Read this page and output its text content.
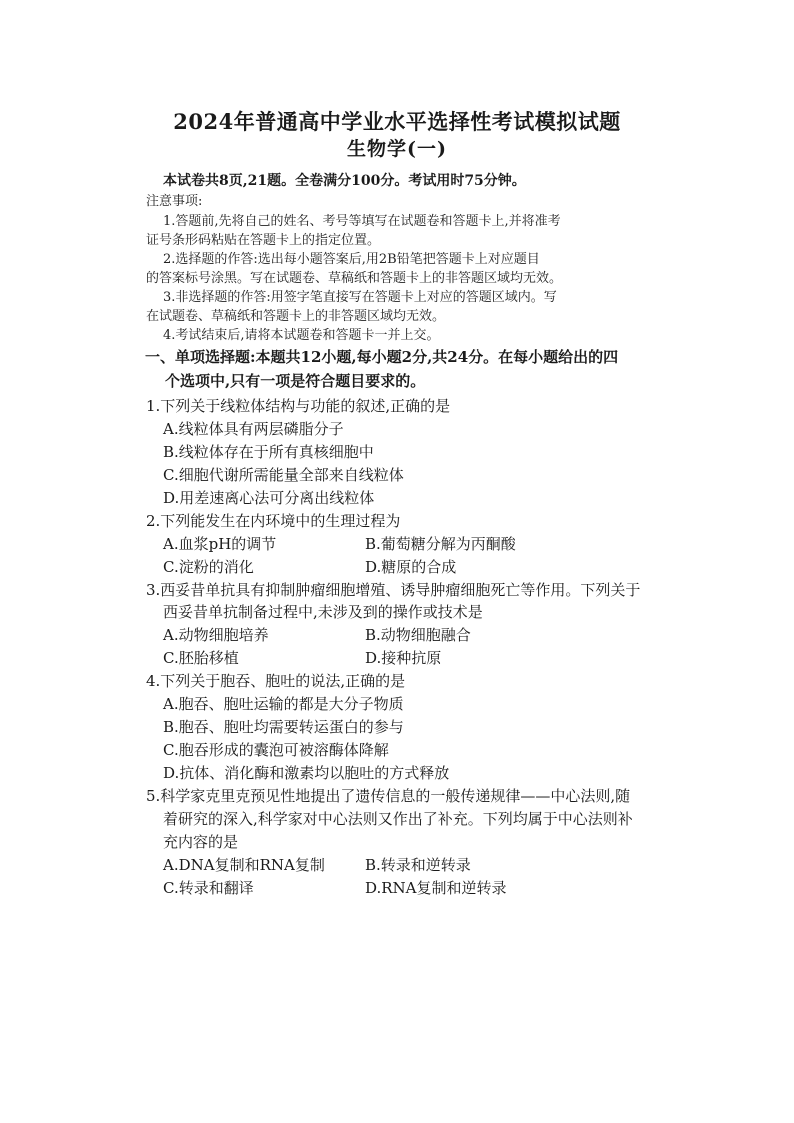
2024年普通高中学业水平选择性考试模拟试题
生物学(一)
本试卷共8页,21题。全卷满分100分。考试用时75分钟。
注意事项:
1.答题前,先将自己的姓名、考号等填写在试题卷和答题卡上,并将准考
证号条形码粘贴在答题卡上的指定位置。
2.选择题的作答:选出每小题答案后,用2B铅笔把答题卡上对应题目
的答案标号涂黑。写在试题卷、草稿纸和答题卡上的非答题区域均无效。
3.非选择题的作答:用签字笔直接写在答题卡上对应的答题区域内。写
在试题卷、草稿纸和答题卡上的非答题区域均无效。
4.考试结束后,请将本试题卷和答题卡一并上交。
一、单项选择题:本题共12小题,每小题2分,共24分。在每小题给出的四
个选项中,只有一项是符合题目要求的。
1.下列关于线粒体结构与功能的叙述,正确的是
A.线粒体具有两层磷脂分子
B.线粒体存在于所有真核细胞中
C.细胞代谢所需能量全部来自线粒体
D.用差速离心法可分离出线粒体
2.下列能发生在内环境中的生理过程为
A.血浆pH的调节	B.葡萄糖分解为丙酮酸
C.淀粉的消化	D.糖原的合成
3.西妥昔单抗具有抑制肿瘤细胞增殖、诱导肿瘤细胞死亡等作用。下列关于
西妥昔单抗制备过程中,未涉及到的操作或技术是
A.动物细胞培养	B.动物细胞融合
C.胚胎移植	D.接种抗原
4.下列关于胞吞、胞吐的说法,正确的是
A.胞吞、胞吐运输的都是大分子物质
B.胞吞、胞吐均需要转运蛋白的参与
C.胞吞形成的囊泡可被溶酶体降解
D.抗体、消化酶和激素均以胞吐的方式释放
5.科学家克里克预见性地提出了遗传信息的一般传递规律——中心法则,随
着研究的深入,科学家对中心法则又作出了补充。下列均属于中心法则补
充内容的是
A.DNA复制和RNA复制	B.转录和逆转录
C.转录和翻译	D.RNA复制和逆转录
